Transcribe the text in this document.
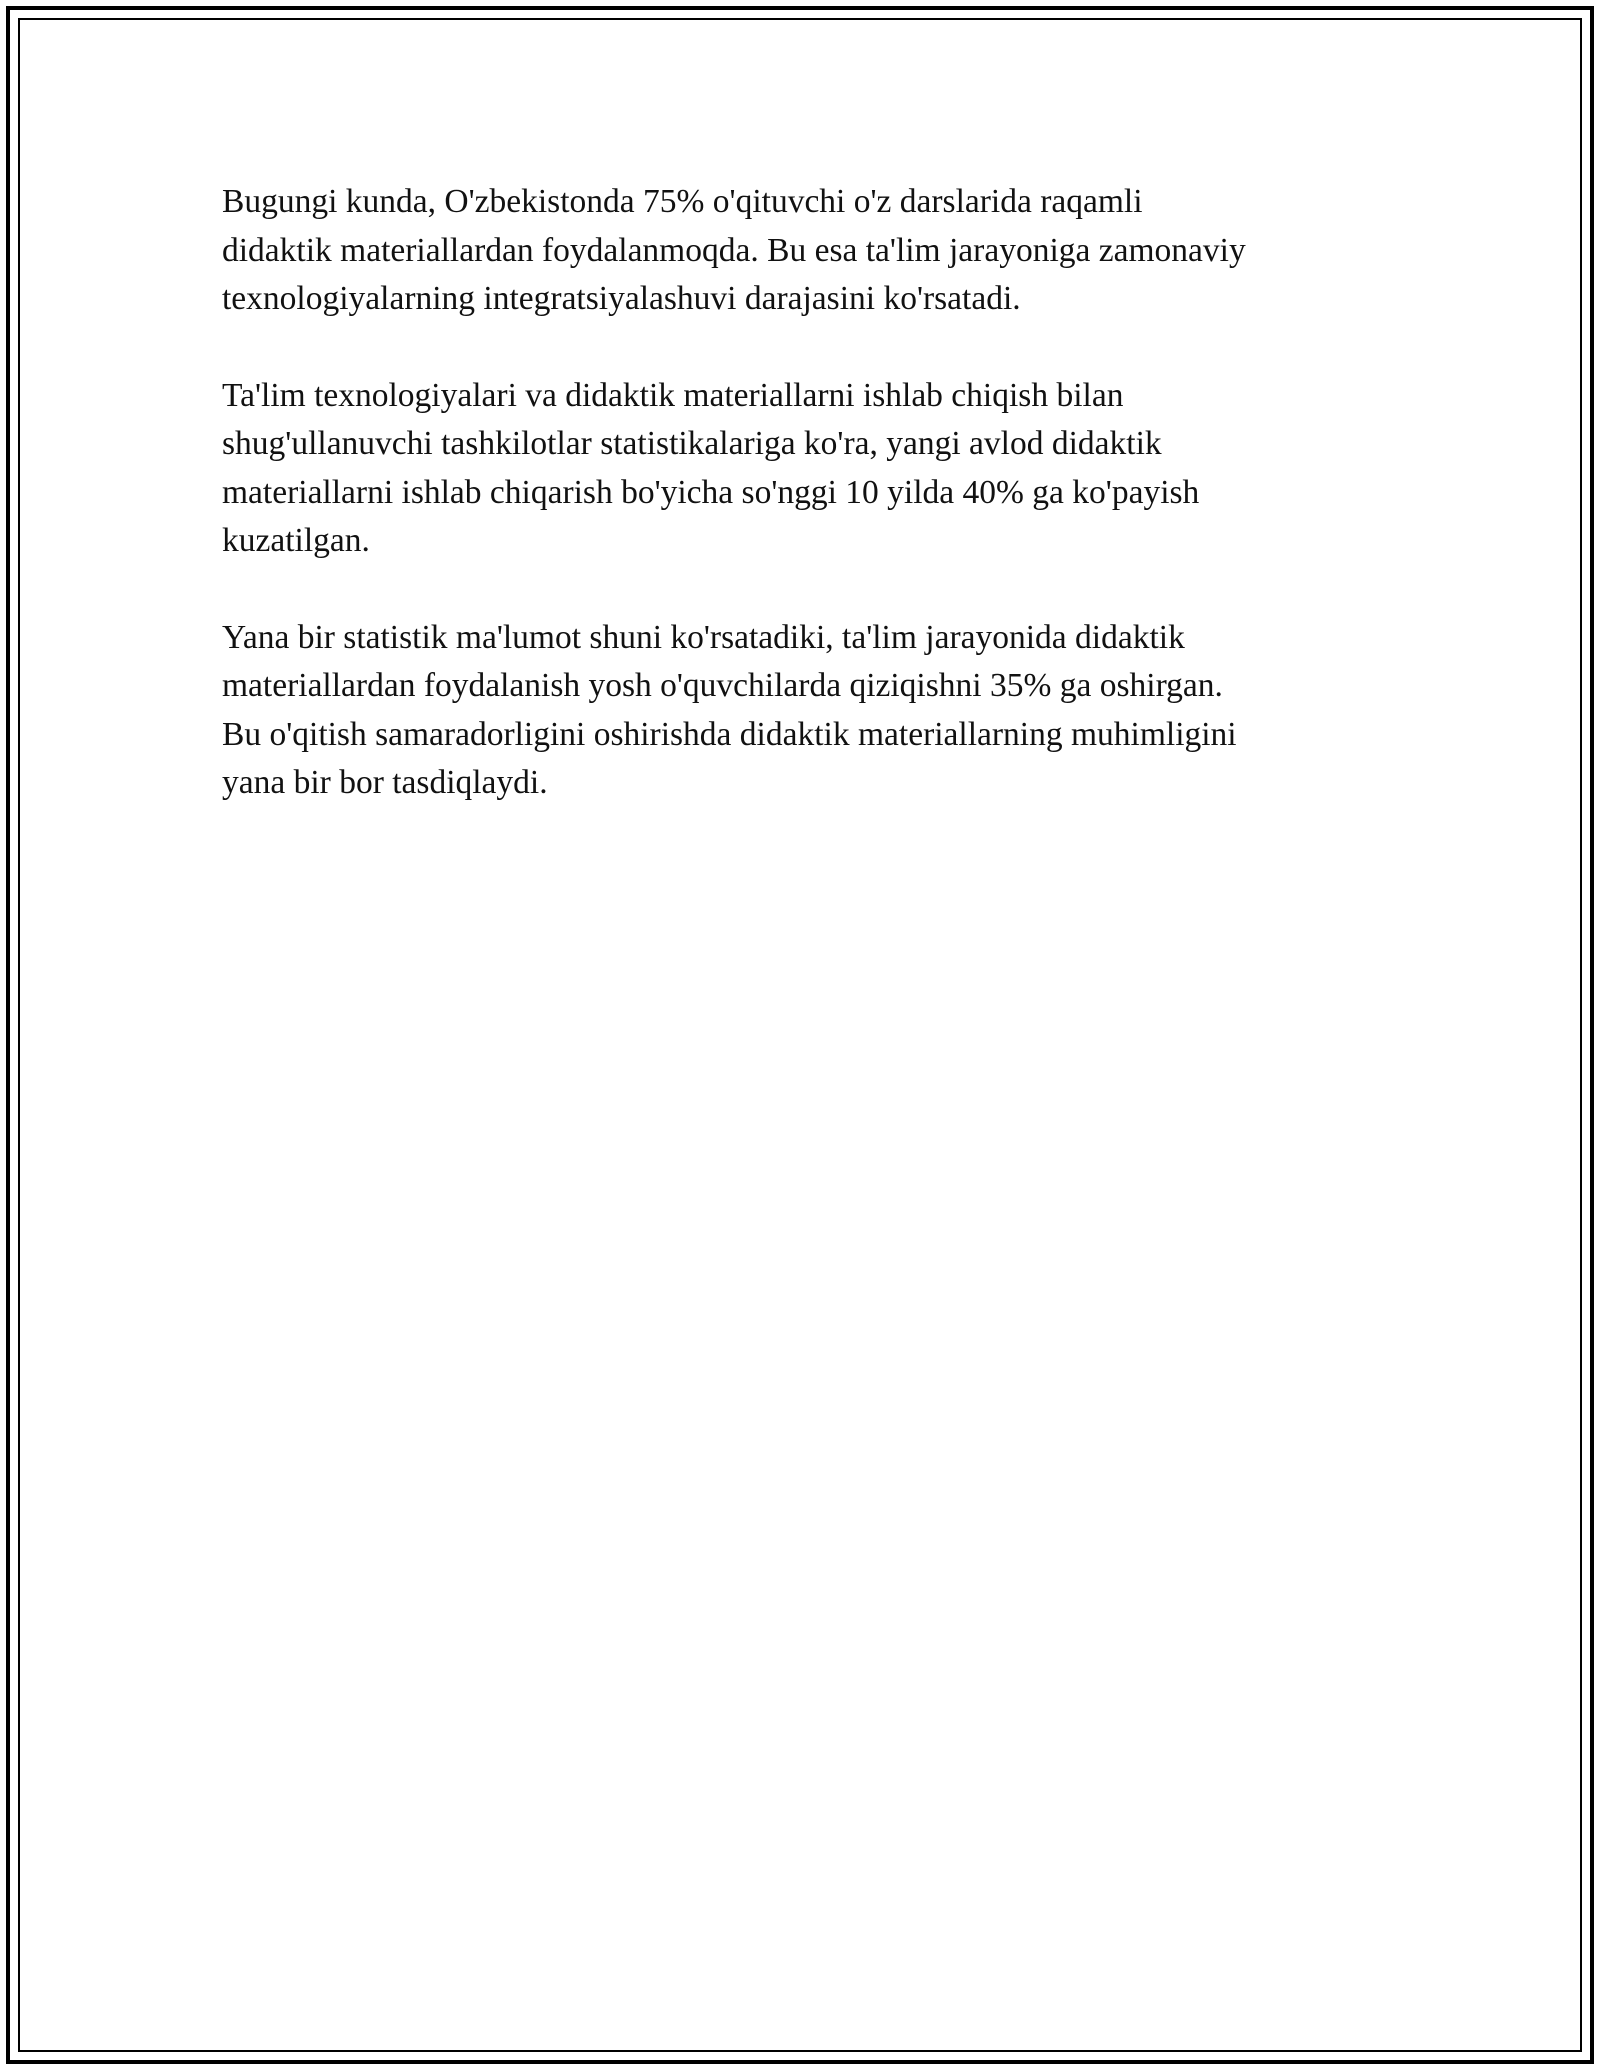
Bugungi kunda, O'zbekistonda 75% o'qituvchi o'z darslarida raqamli
didaktik materiallardan foydalanmoqda. Bu esa ta'lim jarayoniga zamonaviy
texnologiyalarning integratsiyalashuvi darajasini ko'rsatadi.

Ta'lim texnologiyalari va didaktik materiallarni ishlab chiqish bilan
shug'ullanuvchi tashkilotlar statistikalariga ko'ra, yangi avlod didaktik
materiallarni ishlab chiqarish bo'yicha so'nggi 10 yilda 40% ga ko'payish
kuzatilgan.

Yana bir statistik ma'lumot shuni ko'rsatadiki, ta'lim jarayonida didaktik
materiallardan foydalanish yosh o'quvchilarda qiziqishni 35% ga oshirgan.
Bu o'qitish samaradorligini oshirishda didaktik materiallarning muhimligini
yana bir bor tasdiqlaydi.
